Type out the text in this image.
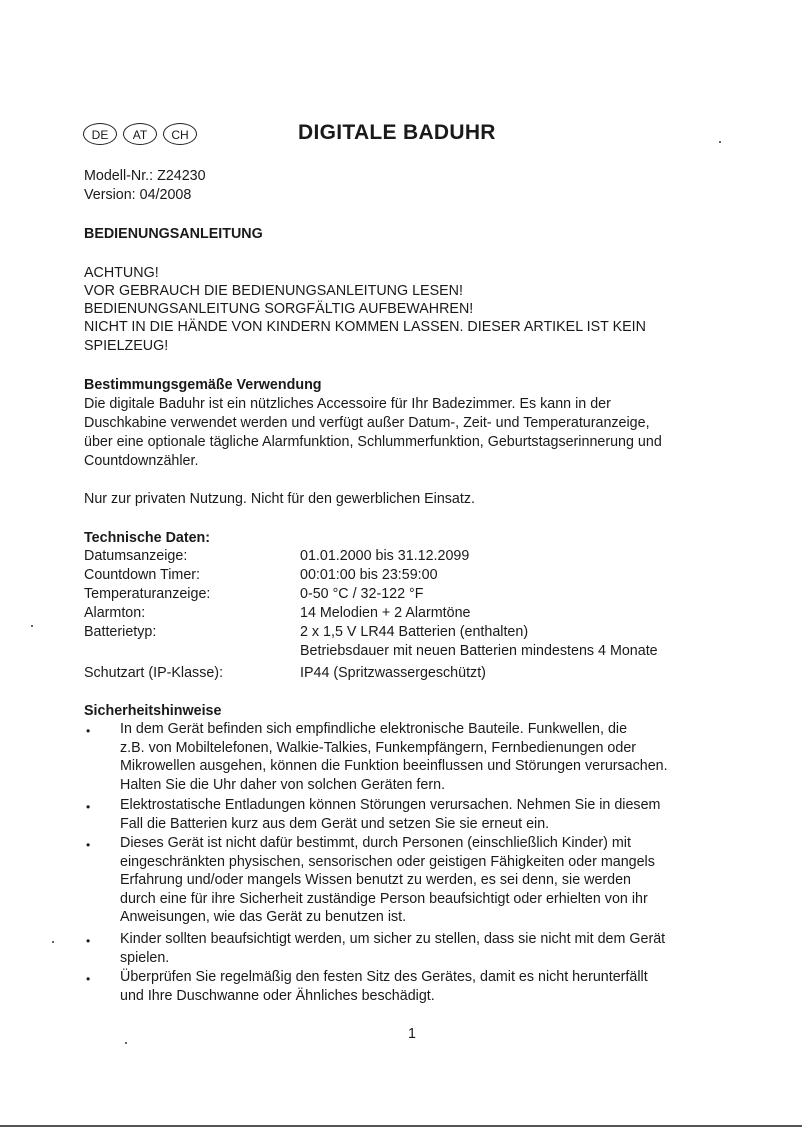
DE	AT	CH	DIGITALE BADUHR
Modell-Nr.: Z24230
Version: 04/2008
BEDIENUNGSANLEITUNG
ACHTUNG!
VOR GEBRAUCH DIE BEDIENUNGSANLEITUNG LESEN!
BEDIENUNGSANLEITUNG SORGFÄLTIG AUFBEWAHREN!
NICHT IN DIE HÄNDE VON KINDERN KOMMEN LASSEN. DIESER ARTIKEL IST KEIN
SPIELZEUG!
Bestimmungsgemäße Verwendung
Die digitale Baduhr ist ein nützliches Accessoire für Ihr Badezimmer. Es kann in der
Duschkabine verwendet werden und verfügt außer Datum-, Zeit- und Temperaturanzeige,
über eine optionale tägliche Alarmfunktion, Schlummerfunktion, Geburtstagserinnerung und
Countdownzähler.
Nur zur privaten Nutzung. Nicht für den gewerblichen Einsatz.
Technische Daten:
Datumsanzeige:	01.01.2000 bis 31.12.2099
Countdown Timer:	00:01:00 bis 23:59:00
Temperaturanzeige:	0-50 °C / 32-122 °F
Alarmton:	14 Melodien + 2 Alarmtöne
Batterietyp:	2 x 1,5 V LR44 Batterien (enthalten)
Betriebsdauer mit neuen Batterien mindestens 4 Monate
Schutzart (IP-Klasse):	IP44 (Spritzwassergeschützt)
Sicherheitshinweise
• In dem Gerät befinden sich empfindliche elektronische Bauteile. Funkwellen, die
z.B. von Mobiltelefonen, Walkie-Talkies, Funkempfängern, Fernbedienungen oder
Mikrowellen ausgehen, können die Funktion beeinflussen und Störungen verursachen.
Halten Sie die Uhr daher von solchen Geräten fern.
• Elektrostatische Entladungen können Störungen verursachen. Nehmen Sie in diesem
Fall die Batterien kurz aus dem Gerät und setzen Sie sie erneut ein.
• Dieses Gerät ist nicht dafür bestimmt, durch Personen (einschließlich Kinder) mit
eingeschränkten physischen, sensorischen oder geistigen Fähigkeiten oder mangels
Erfahrung und/oder mangels Wissen benutzt zu werden, es sei denn, sie werden
durch eine für ihre Sicherheit zuständige Person beaufsichtigt oder erhielten von ihr
Anweisungen, wie das Gerät zu benutzen ist.
• Kinder sollten beaufsichtigt werden, um sicher zu stellen, dass sie nicht mit dem Gerät
spielen.
• Überprüfen Sie regelmäßig den festen Sitz des Gerätes, damit es nicht herunterfällt
und Ihre Duschwanne oder Ähnliches beschädigt.
1
